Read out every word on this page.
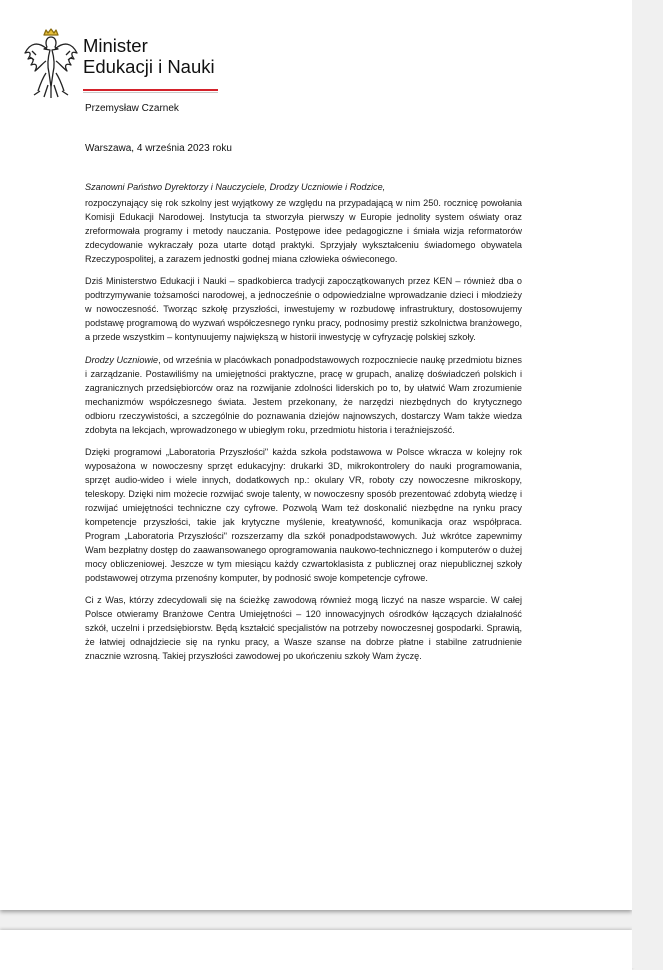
Minister
Edukacji i Nauki
Przemysław Czarnek
Warszawa, 4 września 2023 roku
Szanowni Państwo Dyrektorzy i Nauczyciele, Drodzy Uczniowie i Rodzice,

rozpoczynający się rok szkolny jest wyjątkowy ze względu na przypadającą w nim 250. rocznicę powołania Komisji Edukacji Narodowej. Instytucja ta stworzyła pierwszy w Europie jednolity system oświaty oraz zreformowała programy i metody nauczania. Postępowe idee pedagogiczne i śmiała wizja reformatorów zdecydowanie wykraczały poza utarte dotąd praktyki. Sprzyjały wykształceniu świadomego obywatela Rzeczypospolitej, a zarazem jednostki godnej miana człowieka oświeconego.

Dziś Ministerstwo Edukacji i Nauki – spadkobierca tradycji zapoczątkowanych przez KEN – również dba o podtrzymywanie tożsamości narodowej, a jednocześnie o odpowiedzialne wprowadzanie dzieci i młodzieży w nowoczesność. Tworząc szkołę przyszłości, inwestujemy w rozbudowę infrastruktury, dostosowujemy podstawę programową do wyzwań współczesnego rynku pracy, podnosimy prestiż szkolnictwa branżowego, a przede wszystkim – kontynuujemy największą w historii inwestycję w cyfryzację polskiej szkoły.

Drodzy Uczniowie, od września w placówkach ponadpodstawowych rozpoczniecie naukę przedmiotu biznes i zarządzanie. Postawiliśmy na umiejętności praktyczne, pracę w grupach, analizę doświadczeń polskich i zagranicznych przedsiębiorców oraz na rozwijanie zdolności liderskich po to, by ułatwić Wam zrozumienie mechanizmów współczesnego świata. Jestem przekonany, że narzędzi niezbędnych do krytycznego odbioru rzeczywistości, a szczególnie do poznawania dziejów najnowszych, dostarczy Wam także wiedza zdobyta na lekcjach, wprowadzonego w ubiegłym roku, przedmiotu historia i teraźniejszość.

Dzięki programowi „Laboratoria Przyszłości" każda szkoła podstawowa w Polsce wkracza w kolejny rok wyposażona w nowoczesny sprzęt edukacyjny: drukarki 3D, mikrokontrolery do nauki programowania, sprzęt audio-wideo i wiele innych, dodatkowych np.: okulary VR, roboty czy nowoczesne mikroskopy, teleskopy. Dzięki nim możecie rozwijać swoje talenty, w nowoczesny sposób prezentować zdobytą wiedzę i rozwijać umiejętności techniczne czy cyfrowe. Pozwolą Wam też doskonalić niezbędne na rynku pracy kompetencje przyszłości, takie jak krytyczne myślenie, kreatywność, komunikacja oraz współpraca. Program „Laboratoria Przyszłości" rozszerzamy dla szkół ponadpodstawowych. Już wkrótce zapewnimy Wam bezpłatny dostęp do zaawansowanego oprogramowania naukowo-technicznego i komputerów o dużej mocy obliczeniowej. Jeszcze w tym miesiącu każdy czwartoklasista z publicznej oraz niepublicznej szkoły podstawowej otrzyma przenośny komputer, by podnosić swoje kompetencje cyfrowe.

Ci z Was, którzy zdecydowali się na ścieżkę zawodową również mogą liczyć na nasze wsparcie. W całej Polsce otwieramy Branżowe Centra Umiejętności – 120 innowacyjnych ośrodków łączących działalność szkół, uczelni i przedsiębiorstw. Będą kształcić specjalistów na potrzeby nowoczesnej gospodarki. Sprawią, że łatwiej odnajdziecie się na rynku pracy, a Wasze szanse na dobrze płatne i stabilne zatrudnienie znacznie wzrosną. Takiej przyszłości zawodowej po ukończeniu szkoły Wam życzę.
